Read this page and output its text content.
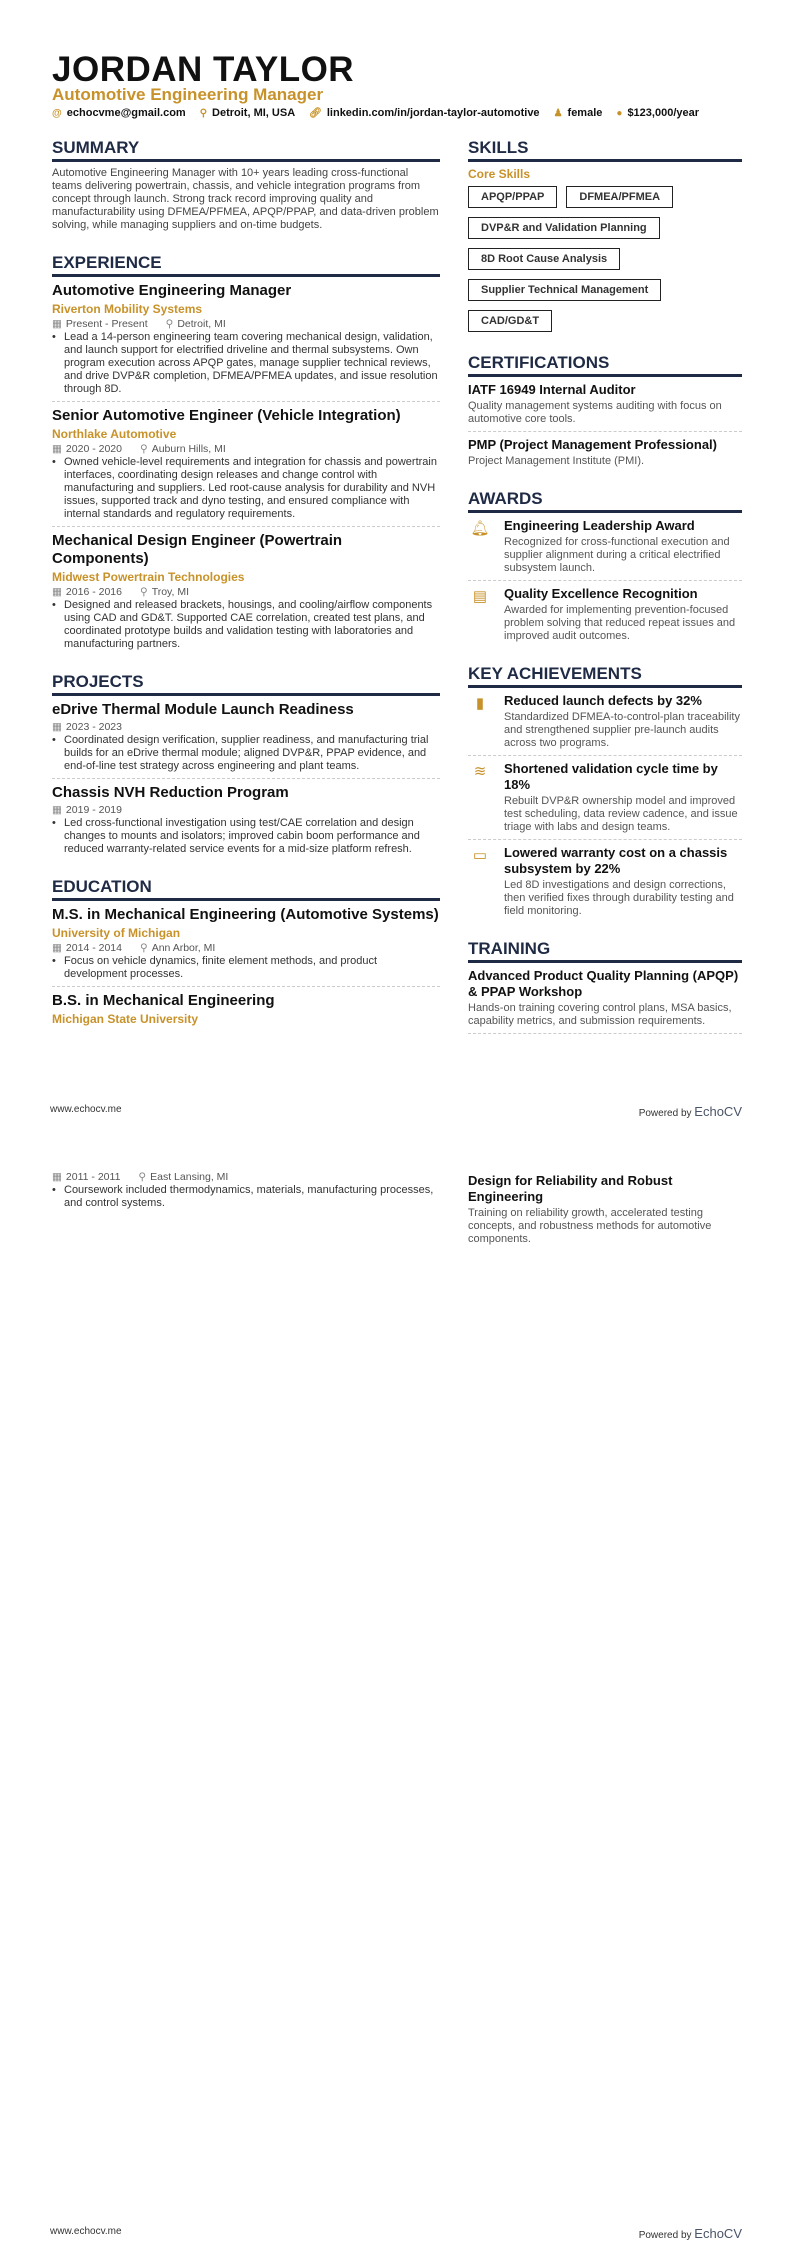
JORDAN TAYLOR
Automotive Engineering Manager
@ echocvme@gmail.com ⚲ Detroit, MI, USA 🔗︎ linkedin.com/in/jordan-taylor-automotive ♟ female ● $123,000/year
SUMMARY

Automotive Engineering Manager with 10+ years leading cross-functional teams delivering powertrain, chassis, and vehicle integration programs from concept through launch. Strong track record improving quality and manufacturability using DFMEA/PFMEA, APQP/PPAP, and data-driven problem solving, while managing suppliers and on-time budgets.

EXPERIENCE
Automotive Engineering Manager
Riverton Mobility Systems
▦ Present - Present ⚲ Detroit, MI
• Lead a 14-person engineering team covering mechanical design, validation, and launch support for electrified driveline and thermal subsystems. Own program execution across APQP gates, manage supplier technical reviews, and drive DVP&R completion, DFMEA/PFMEA updates, and issue resolution through 8D.
Senior Automotive Engineer (Vehicle Integration)
Northlake Automotive
▦ 2020 - 2020 ⚲ Auburn Hills, MI
• Owned vehicle-level requirements and integration for chassis and powertrain interfaces, coordinating design releases and change control with manufacturing and suppliers. Led root-cause analysis for durability and NVH issues, supported track and dyno testing, and ensured compliance with internal standards and regulatory requirements.
Mechanical Design Engineer (Powertrain Components)
Midwest Powertrain Technologies
▦ 2016 - 2016 ⚲ Troy, MI
• Designed and released brackets, housings, and cooling/airflow components using CAD and GD&T. Supported CAE correlation, created test plans, and coordinated prototype builds and validation testing with laboratories and manufacturing partners.
PROJECTS
eDrive Thermal Module Launch Readiness
▦ 2023 - 2023
• Coordinated design verification, supplier readiness, and manufacturing trial builds for an eDrive thermal module; aligned DVP&R, PPAP evidence, and end-of-line test strategy across engineering and plant teams.
Chassis NVH Reduction Program
▦ 2019 - 2019
• Led cross-functional investigation using test/CAE correlation and design changes to mounts and isolators; improved cabin boom performance and reduced warranty-related service events for a mid-size platform refresh.
EDUCATION
M.S. in Mechanical Engineering (Automotive Systems)
University of Michigan
▦ 2014 - 2014 ⚲ Ann Arbor, MI
• Focus on vehicle dynamics, finite element methods, and product development processes.
B.S. in Mechanical Engineering
Michigan State University
SKILLS
Core Skills
APQP/PPAP	DFMEA/PFMEA
DVP&R and Validation Planning
8D Root Cause Analysis
Supplier Technical Management
CAD/GD&T
CERTIFICATIONS
IATF 16949 Internal Auditor
Quality management systems auditing with focus on automotive core tools.
PMP (Project Management Professional)
Project Management Institute (PMI).
AWARDS
🔔︎ Engineering Leadership Award
Recognized for cross-functional execution and supplier alignment during a critical electrified subsystem launch.
▤	Quality Excellence Recognition
Awarded for implementing prevention-focused problem solving that reduced repeat issues and improved audit outcomes.
KEY ACHIEVEMENTS
▮	Reduced launch defects by 32%
Standardized DFMEA-to-control-plan traceability and strengthened supplier pre-launch audits across two programs.
≋	Shortened validation cycle time by 18%
Rebuilt DVP&R ownership model and improved test scheduling, data review cadence, and issue triage with labs and design teams.
▭	Lowered warranty cost on a chassis subsystem by 22%
Led 8D investigations and design corrections, then verified fixes through durability testing and field monitoring.
TRAINING
Advanced Product Quality Planning (APQP) & PPAP Workshop
Hands-on training covering control plans, MSA basics, capability metrics, and submission requirements.
www.echocv.me	Powered by EchoCV
▦ 2011 - 2011 ⚲ East Lansing, MI
• Coursework included thermodynamics, materials, manufacturing processes, and control systems.
Design for Reliability and Robust Engineering
Training on reliability growth, accelerated testing concepts, and robustness methods for automotive components.
www.echocv.me	Powered by EchoCV
